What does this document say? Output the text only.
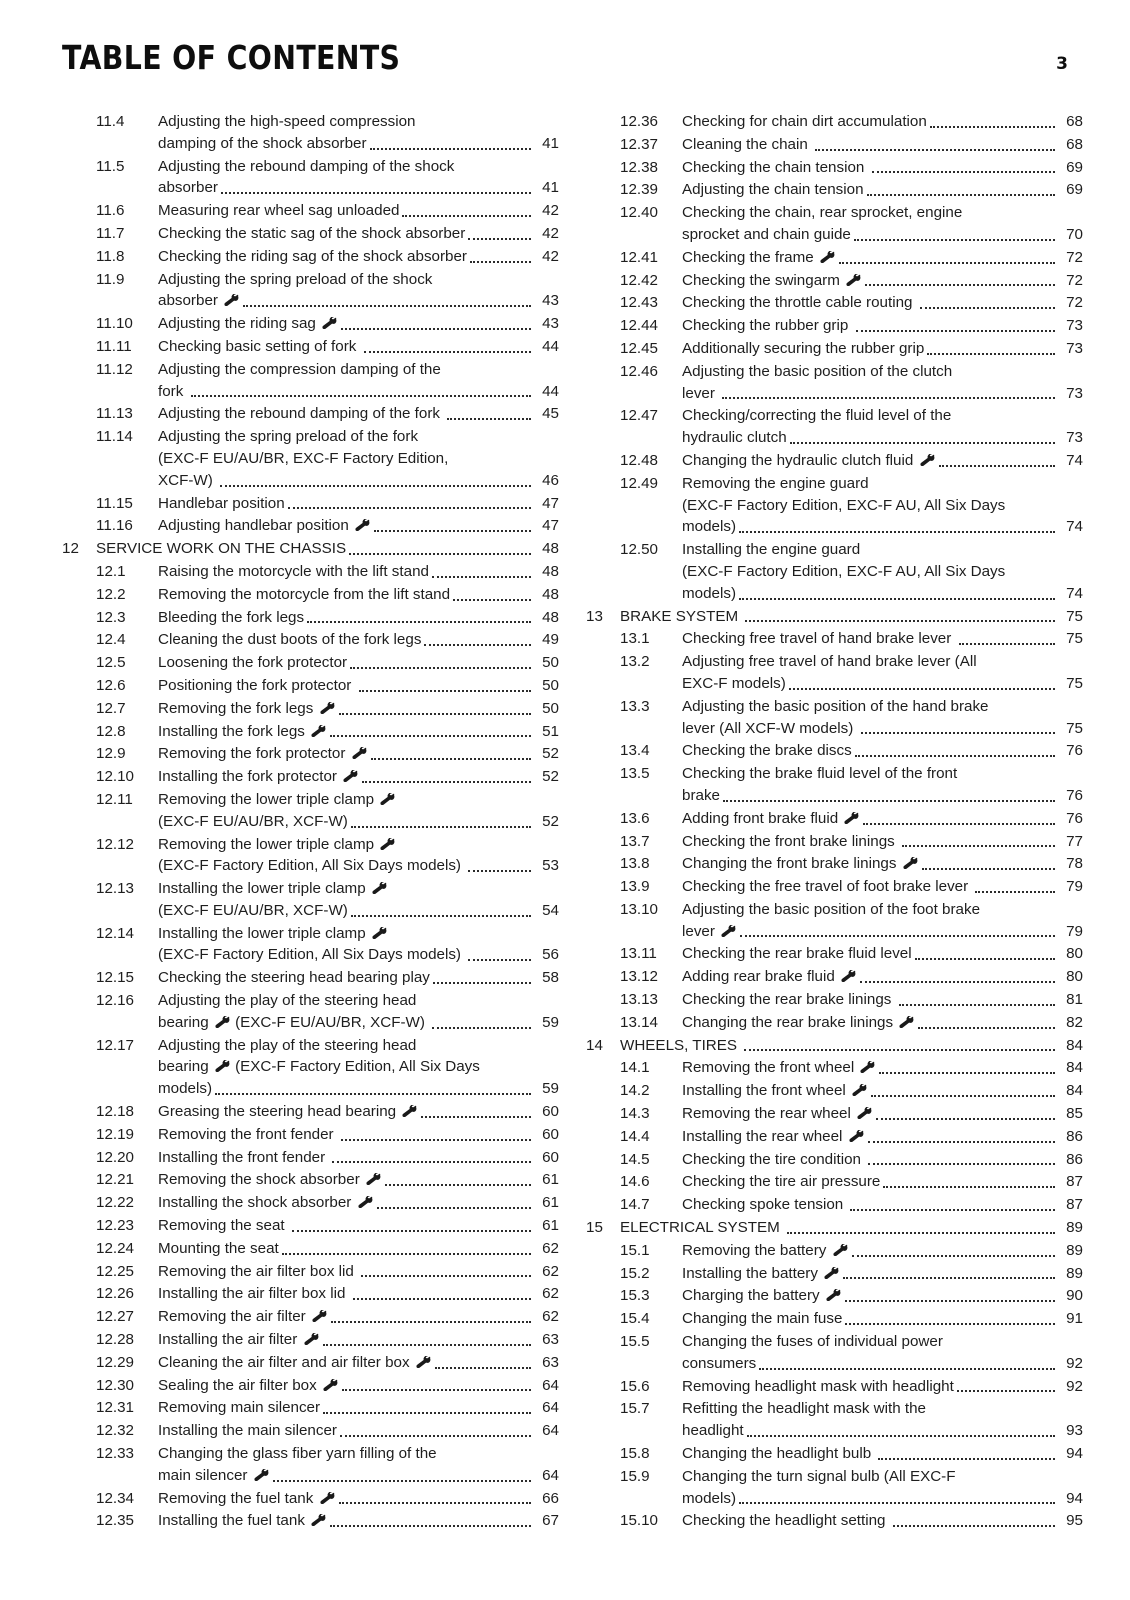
TABLE OF CONTENTS	3
11.4	Adjusting the high-speed compression
damping of the shock absorber	41
11.5	Adjusting the rebound damping of the shock
absorber	41
11.6	Measuring rear wheel sag unloaded	42
11.7	Checking the static sag of the shock absorber	42
11.8	Checking the riding sag of the shock absorber	42
11.9	Adjusting the spring preload of the shock
absorber	43
11.10	Adjusting the riding sag	43
11.11	Checking basic setting of fork	44
11.12	Adjusting the compression damping of the
fork	44
11.13	Adjusting the rebound damping of the fork	45
11.14	Adjusting the spring preload of the fork
(EXC-F EU/AU/BR, EXC-F Factory Edition,
XCF-W)	46
11.15	Handlebar position	47
11.16	Adjusting handlebar position	47
12	SERVICE WORK ON THE CHASSIS	48
12.1	Raising the motorcycle with the lift stand	48
12.2	Removing the motorcycle from the lift stand	48
12.3	Bleeding the fork legs	48
12.4	Cleaning the dust boots of the fork legs	49
12.5	Loosening the fork protector	50
12.6	Positioning the fork protector	50
12.7	Removing the fork legs	50
12.8	Installing the fork legs	51
12.9	Removing the fork protector	52
12.10	Installing the fork protector	52
12.11	Removing the lower triple clamp
(EXC-F EU/AU/BR, XCF-W)	52
12.12	Removing the lower triple clamp
(EXC-F Factory Edition, All Six Days models)	53
12.13	Installing the lower triple clamp
(EXC-F EU/AU/BR, XCF-W)	54
12.14	Installing the lower triple clamp
(EXC-F Factory Edition, All Six Days models)	56
12.15	Checking the steering head bearing play	58
12.16	Adjusting the play of the steering head
bearing
(EXC-F EU/AU/BR, XCF-W)	59
12.17	Adjusting the play of the steering head
bearing
(EXC-F Factory Edition, All Six Days
models)	59
12.18	Greasing the steering head bearing	60
12.19	Removing the front fender	60
12.20	Installing the front fender	60
12.21	Removing the shock absorber	61
12.22	Installing the shock absorber	61
12.23	Removing the seat	61
12.24	Mounting the seat	62
12.25	Removing the air filter box lid	62
12.26	Installing the air filter box lid	62
12.27	Removing the air filter	62
12.28	Installing the air filter	63
12.29	Cleaning the air filter and air filter box	63
12.30	Sealing the air filter box	64
12.31	Removing main silencer	64
12.32	Installing the main silencer	64
12.33	Changing the glass fiber yarn filling of the
main silencer	64
12.34	Removing the fuel tank	66
12.35	Installing the fuel tank	67
12.36	Checking for chain dirt accumulation	68
12.37	Cleaning the chain	68
12.38	Checking the chain tension	69
12.39	Adjusting the chain tension	69
12.40	Checking the chain, rear sprocket, engine
sprocket and chain guide	70
12.41	Checking the frame	72
12.42	Checking the swingarm	72
12.43	Checking the throttle cable routing	72
12.44	Checking the rubber grip	73
12.45	Additionally securing the rubber grip	73
12.46	Adjusting the basic position of the clutch
lever	73
12.47	Checking/correcting the fluid level of the
hydraulic clutch	73
12.48	Changing the hydraulic clutch fluid	74
12.49	Removing the engine guard
(EXC-F Factory Edition, EXC-F AU, All Six Days
models)	74
12.50	Installing the engine guard
(EXC-F Factory Edition, EXC-F AU, All Six Days
models)	74
13	BRAKE SYSTEM	75
13.1	Checking free travel of hand brake lever	75
13.2	Adjusting free travel of hand brake lever (All
EXC-F models)	75
13.3	Adjusting the basic position of the hand brake
lever (All XCF-W models)	75
13.4	Checking the brake discs	76
13.5	Checking the brake fluid level of the front
brake	76
13.6	Adding front brake fluid	76
13.7	Checking the front brake linings	77
13.8	Changing the front brake linings	78
13.9	Checking the free travel of foot brake lever	79
13.10	Adjusting the basic position of the foot brake
lever	79
13.11	Checking the rear brake fluid level	80
13.12	Adding rear brake fluid	80
13.13	Checking the rear brake linings	81
13.14	Changing the rear brake linings	82
14	WHEELS, TIRES	84
14.1	Removing the front wheel	84
14.2	Installing the front wheel	84
14.3	Removing the rear wheel	85
14.4	Installing the rear wheel	86
14.5	Checking the tire condition	86
14.6	Checking the tire air pressure	87
14.7	Checking spoke tension	87
15	ELECTRICAL SYSTEM	89
15.1	Removing the battery	89
15.2	Installing the battery	89
15.3	Charging the battery	90
15.4	Changing the main fuse	91
15.5	Changing the fuses of individual power
consumers	92
15.6	Removing headlight mask with headlight	92
15.7	Refitting the headlight mask with the
headlight	93
15.8	Changing the headlight bulb	94
15.9	Changing the turn signal bulb (All EXC-F
models)	94
15.10	Checking the headlight setting	95
